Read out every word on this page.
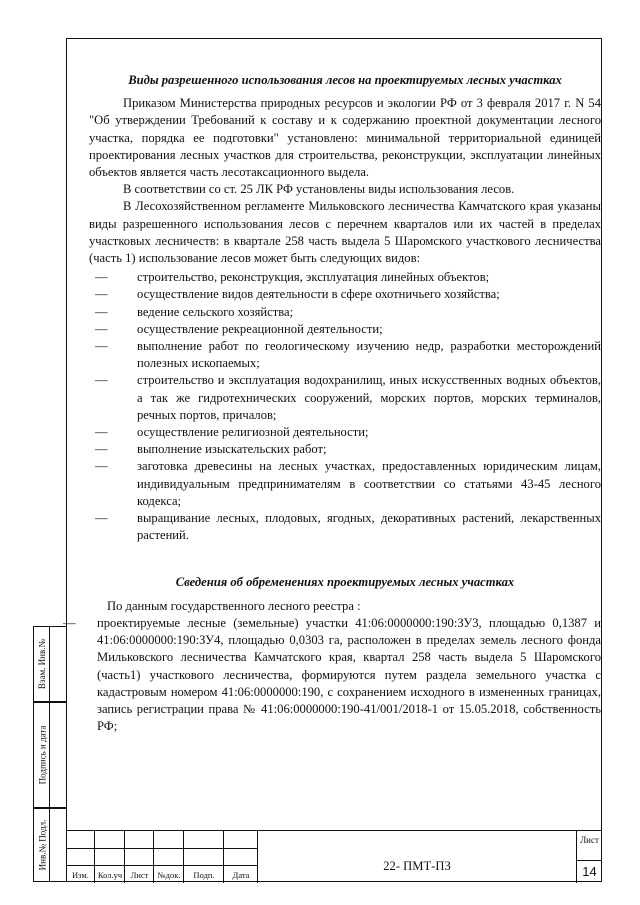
Виды разрешенного использования лесов на проектируемых лесных участках

Приказом Министерства природных ресурсов и экологии РФ от 3 февраля 2017 г. N 54 "Об утверждении Требований к составу и к содержанию проектной документации лесного участка, порядка ее подготовки" установлено: минимальной территориальной единицей проектирования лесных участков для строительства, реконструкции, эксплуатации линейных объектов является часть лесотаксационного выдела.

В соответствии со ст. 25 ЛК РФ установлены виды использования лесов.

В Лесохозяйственном регламенте Мильковского лесничества Камчатского края указаны виды разрешенного использования лесов с перечнем кварталов или их частей в пределах участковых лесничеств: в квартале 258 часть выдела 5 Шаромского участкового лесничества (часть 1) использование лесов может быть следующих видов:

— строительство, реконструкция, эксплуатация линейных объектов;
— осуществление видов деятельности в сфере охотничьего хозяйства;
— ведение сельского хозяйства;
— осуществление рекреационной деятельности;
— выполнение работ по геологическому изучению недр, разработки месторождений полезных ископаемых;
— строительство и эксплуатация водохранилищ, иных искусственных водных объектов, а так же гидротехнических сооружений, морских портов, морских терминалов, речных портов, причалов;
— осуществление религиозной деятельности;
— выполнение изыскательских работ;
— заготовка древесины на лесных участках, предоставленных юридическим лицам, индивидуальным предпринимателям в соответствии со статьями 43-45 лесного кодекса;
— выращивание лесных, плодовых, ягодных, декоративных растений, лекарственных растений.

Сведения об обременениях проектируемых лесных участках

По данным государственного лесного реестра :

— проектируемые лесные (земельные) участки 41:06:0000000:190:ЗУ3, площадью 0,1387 и 41:06:0000000:190:ЗУ4, площадью 0,0303 га, расположен в пределах земель лесного фонда Мильковского лесничества Камчатского края, квартал 258 часть выдела 5 Шаромского (часть1) участкового лесничества, формируются путем раздела земельного участка с кадастровым номером 41:06:0000000:190, с сохранением исходного в измененных границах, запись регистрации права № 41:06:0000000:190-41/001/2018-1 от 15.05.2018, собственность РФ;

Взам. Инв.№
Подпись и дата
Инв.№ Подл.
Изм.	Кол.уч Лист	№док.	Подп.	Дата
22- ПМТ-ПЗ
Лист
14
